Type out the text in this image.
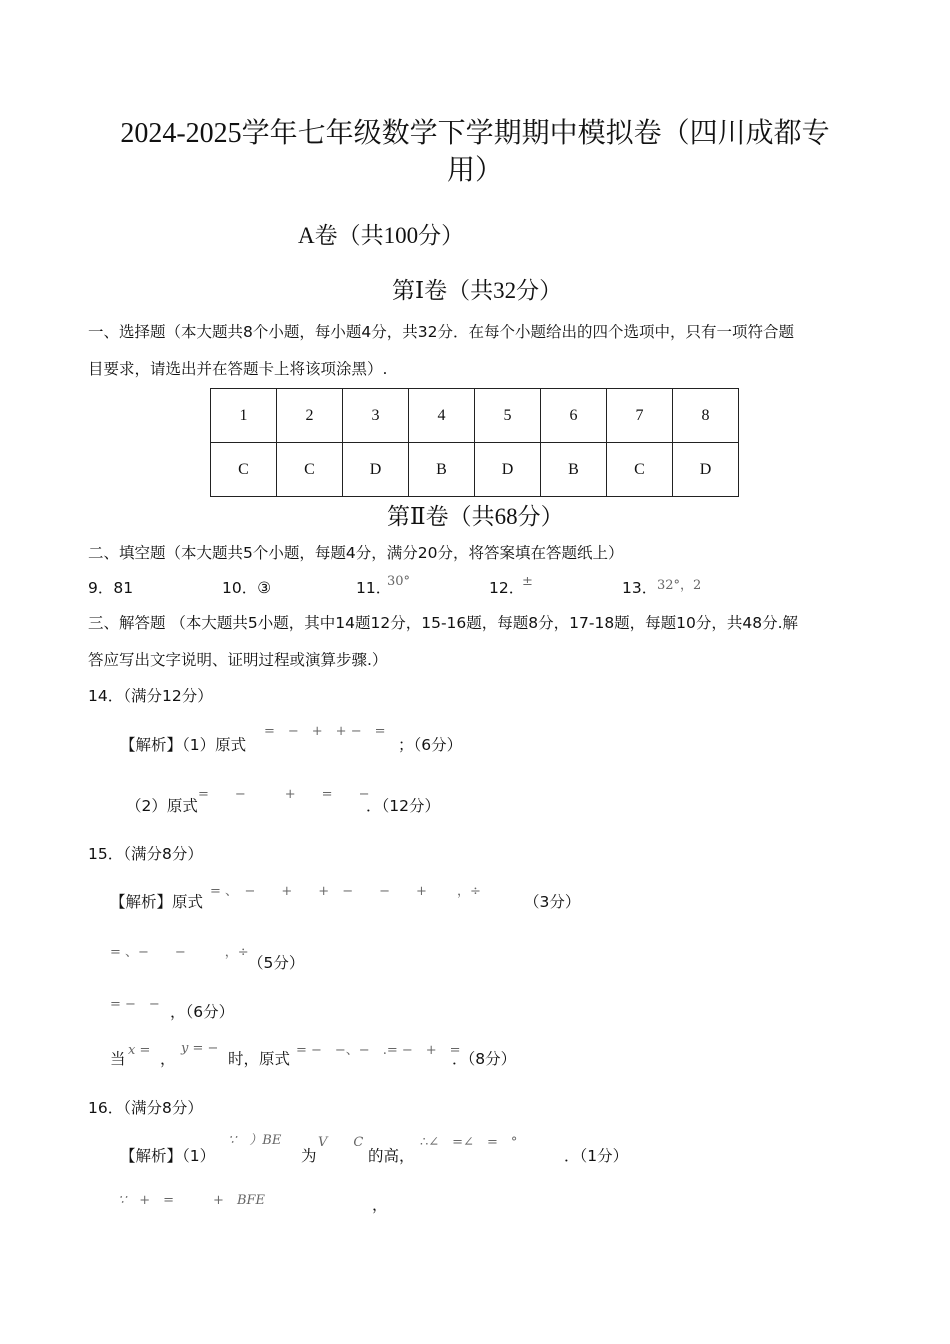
2024-2025学年七年级数学下学期期中模拟卷（四川成都专
用）
A卷（共100分）
第Ⅰ卷（共32分）
一、选择题（本大题共8个小题，每小题4分，共32分．在每个小题给出的四个选项中，只有一项符合题
目要求，请选出并在答题卡上将该项涂黑）.
1	2	3	4	5	6	7	8
C	C	D	B	D	B	C	D
第Ⅱ卷（共68分）
二、填空题（本大题共5个小题，每题4分，满分20分，将答案填在答题纸上）
9．81	10．③	11．
30°	12．
±	13． 32°，2
三、解答题 （本大题共5小题，其中14题12分，15-16题，每题8分，17-18题，每题10分，共48分.解
答应写出文字说明、证明过程或演算步骤.）
14．（满分12分）
【解析】（1）原式
=　−　+　+ −　=
；（6分）
（2）原式
=　　−　　　+　　=　　−
．（12分）
15．（满分8分）
【解析】原式
= 、　−　　+　　+　−　　−　　+　　 ，÷
（3分）
= 、−　　−　　　，÷
（5分）
= −　− ，（6分）
当 x = ，
y = −
时，原式 = −　−、−　.= −　+　=
．（8分）
16．（满分8分）
【解析】（1）
∵　）BE
为
V　　C
的高，
∴∠　=∠　=　°
．（1分）
∵　+　=　　　+　BFE	，
